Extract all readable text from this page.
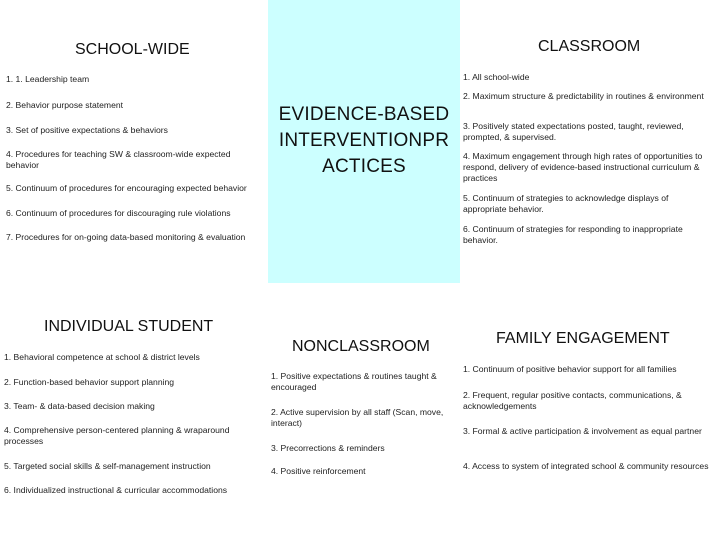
EVIDENCE-BASED
INTERVENTIONPR
ACTICES
SCHOOL-WIDE
1. 1. Leadership team
2. Behavior purpose statement
3. Set of positive expectations & behaviors
4. Procedures for teaching SW & classroom-wide expected behavior
5. Continuum of procedures for encouraging expected behavior
6. Continuum of procedures for discouraging rule violations
7. Procedures for on-going data-based monitoring & evaluation
CLASSROOM
1. All school-wide
2. Maximum structure & predictability in routines & environment
3. Positively stated expectations posted, taught, reviewed, prompted, & supervised.
4. Maximum engagement through high rates of opportunities to respond, delivery of evidence-based instructional curriculum & practices
5. Continuum of strategies to acknowledge displays of appropriate behavior.
6. Continuum of strategies for responding to inappropriate behavior.
INDIVIDUAL STUDENT
1. Behavioral competence at school & district levels
2. Function-based behavior support planning
3. Team- & data-based decision making
4. Comprehensive person-centered planning & wraparound processes
5. Targeted social skills & self-management instruction
6. Individualized instructional & curricular accommodations
NONCLASSROOM
1. Positive expectations & routines taught & encouraged
2. Active supervision by all staff (Scan, move, interact)
3. Precorrections & reminders
4. Positive reinforcement
FAMILY ENGAGEMENT
1. Continuum of positive behavior support for all families
2. Frequent, regular positive contacts, communications, & acknowledgements
3. Formal & active participation & involvement as equal partner
4. Access to system of integrated school & community resources
